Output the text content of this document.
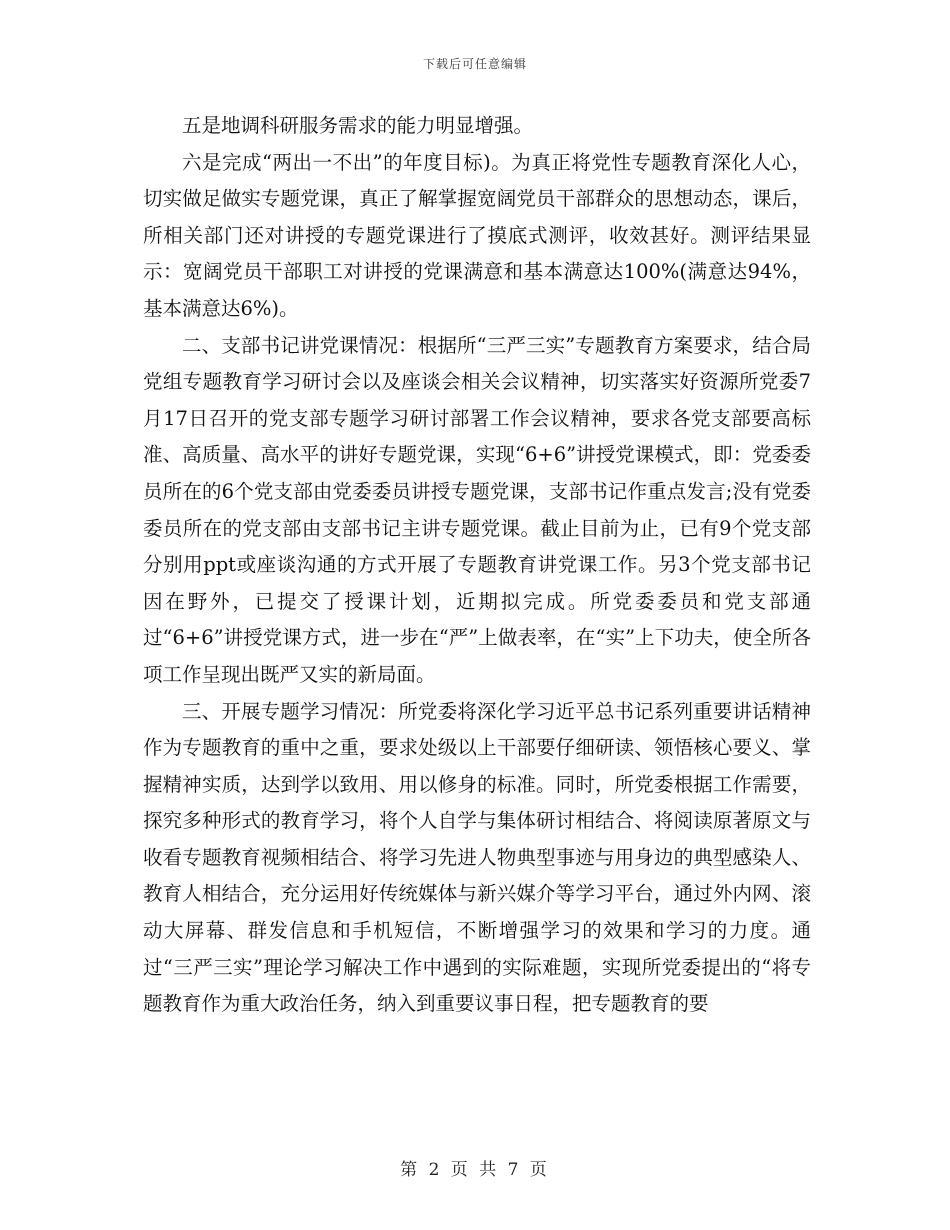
下载后可任意编辑

五是地调科研服务需求的能力明显增强。

六是完成“两出一不出”的年度目标)。为真正将党性专题教育深化人心，切实做足做实专题党课，真正了解掌握宽阔党员干部群众的思想动态，课后，所相关部门还对讲授的专题党课进行了摸底式测评，收效甚好。测评结果显示：宽阔党员干部职工对讲授的党课满意和基本满意达100%(满意达94%，基本满意达6%)。

二、支部书记讲党课情况：根据所“三严三实”专题教育方案要求，结合局党组专题教育学习研讨会以及座谈会相关会议精神，切实落实好资源所党委7月17日召开的党支部专题学习研讨部署工作会议精神，要求各党支部要高标准、高质量、高水平的讲好专题党课，实现“6+6”讲授党课模式，即：党委委员所在的6个党支部由党委委员讲授专题党课，支部书记作重点发言;没有党委委员所在的党支部由支部书记主讲专题党课。截止目前为止，已有9个党支部分别用ppt或座谈沟通的方式开展了专题教育讲党课工作。另3个党支部书记因在野外，已提交了授课计划，近期拟完成。所党委委员和党支部通过“6+6”讲授党课方式，进一步在“严”上做表率，在“实”上下功夫，使全所各项工作呈现出既严又实的新局面。

三、开展专题学习情况：所党委将深化学习近平总书记系列重要讲话精神作为专题教育的重中之重，要求处级以上干部要仔细研读、领悟核心要义、掌握精神实质，达到学以致用、用以修身的标准。同时，所党委根据工作需要，探究多种形式的教育学习，将个人自学与集体研讨相结合、将阅读原著原文与收看专题教育视频相结合、将学习先进人物典型事迹与用身边的典型感染人、教育人相结合，充分运用好传统媒体与新兴媒介等学习平台，通过外内网、滚动大屏幕、群发信息和手机短信，不断增强学习的效果和学习的力度。通过“三严三实”理论学习解决工作中遇到的实际难题，实现所党委提出的“将专题教育作为重大政治任务，纳入到重要议事日程，把专题教育的要

第 2 页 共 7 页
